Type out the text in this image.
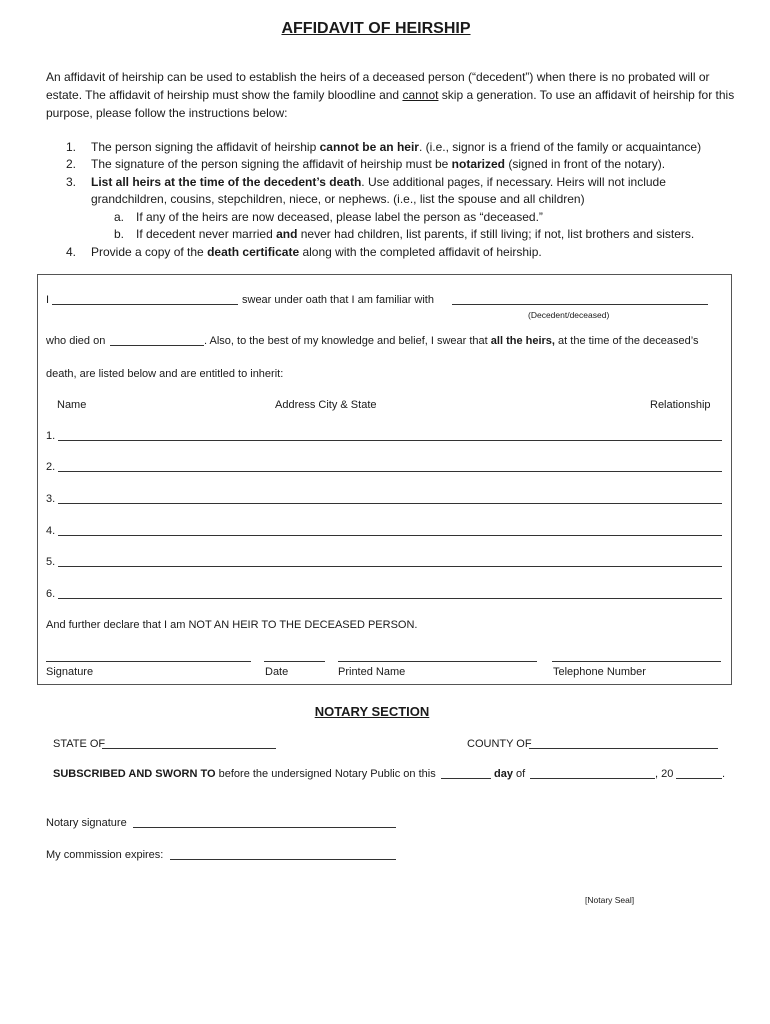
AFFIDAVIT OF HEIRSHIP
An affidavit of heirship can be used to establish the heirs of a deceased person (“decedent”) when there is no probated will or estate. The affidavit of heirship must show the family bloodline and cannot skip a generation. To use an affidavit of heirship for this purpose, please follow the instructions below:
1. The person signing the affidavit of heirship cannot be an heir. (i.e., signor is a friend of the family or acquaintance)
2. The signature of the person signing the affidavit of heirship must be notarized (signed in front of the notary).
3. List all heirs at the time of the decedent’s death. Use additional pages, if necessary. Heirs will not include
grandchildren, cousins, stepchildren, niece, or nephews. (i.e., list the spouse and all children)
a. If any of the heirs are now deceased, please label the person as “deceased.”
b. If decedent never married and never had children, list parents, if still living; if not, list brothers and sisters.
4. Provide a copy of the death certificate along with the completed affidavit of heirship.
I	swear under oath that I am familiar with
(Decedent/deceased)
who died on	. Also, to the best of my knowledge and belief, I swear that all the heirs, at the time of the deceased’s
death, are listed below and are entitled to inherit:
Name	Address City & State	Relationship
1.
2.
3.
4.
5.
6.
And further declare that I am NOT AN HEIR TO THE DECEASED PERSON.
Signature	Date	Printed Name	Telephone Number
NOTARY SECTION
STATE OF	COUNTY OF
SUBSCRIBED AND SWORN TO before the undersigned Notary Public on this	day of	, 20	.
Notary signature
My commission expires:
[Notary Seal]
